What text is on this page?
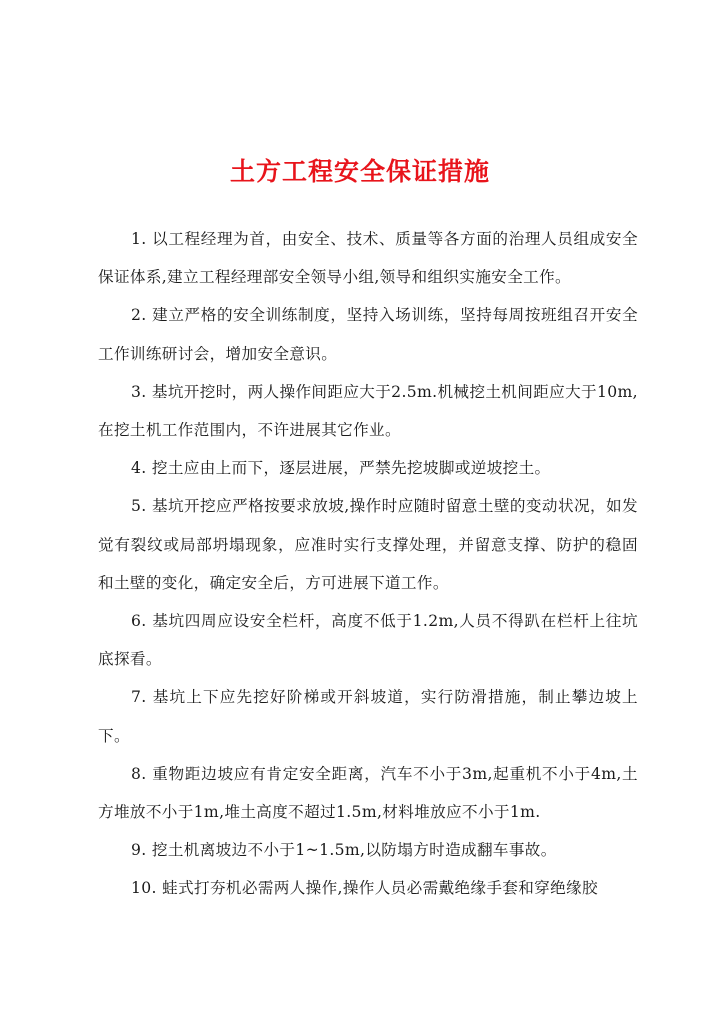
土方工程安全保证措施

1. 以工程经理为首，由安全、技术、质量等各方面的治理人员组成安全保证体系,建立工程经理部安全领导小组,领导和组织实施安全工作。

2. 建立严格的安全训练制度，坚持入场训练，坚持每周按班组召开安全工作训练研讨会，增加安全意识。

3. 基坑开挖时，两人操作间距应大于2.5m.机械挖土机间距应大于10m,在挖土机工作范围内，不许进展其它作业。

4. 挖土应由上而下，逐层进展，严禁先挖坡脚或逆坡挖土。

5. 基坑开挖应严格按要求放坡,操作时应随时留意土壁的变动状况，如发觉有裂纹或局部坍塌现象，应准时实行支撑处理，并留意支撑、防护的稳固和土壁的变化，确定安全后，方可进展下道工作。

6. 基坑四周应设安全栏杆，高度不低于1.2m,人员不得趴在栏杆上往坑底探看。

7. 基坑上下应先挖好阶梯或开斜坡道，实行防滑措施，制止攀边坡上下。

8. 重物距边坡应有肯定安全距离，汽车不小于3m,起重机不小于4m,土方堆放不小于1m,堆土高度不超过1.5m,材料堆放应不小于1m.

9. 挖土机离坡边不小于1~1.5m,以防塌方时造成翻车事故。

10. 蛙式打夯机必需两人操作,操作人员必需戴绝缘手套和穿绝缘胶
